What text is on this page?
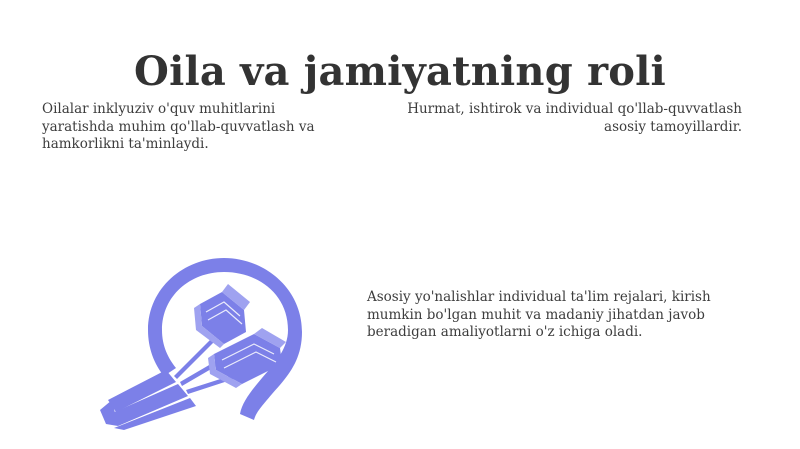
Oila va jamiyatning roli

Oilalar inklyuziv o'quv muhitlarini yaratishda muhim qo'llab-quvvatlash va hamkorlikni ta'minlaydi.

Hurmat, ishtirok va individual qo'llab-quvvatlash asosiy tamoyillardir.

Asosiy yo'nalishlar individual ta'lim rejalari, kirish mumkin bo'lgan muhit va madaniy jihatdan javob beradigan amaliyotlarni o'z ichiga oladi.
